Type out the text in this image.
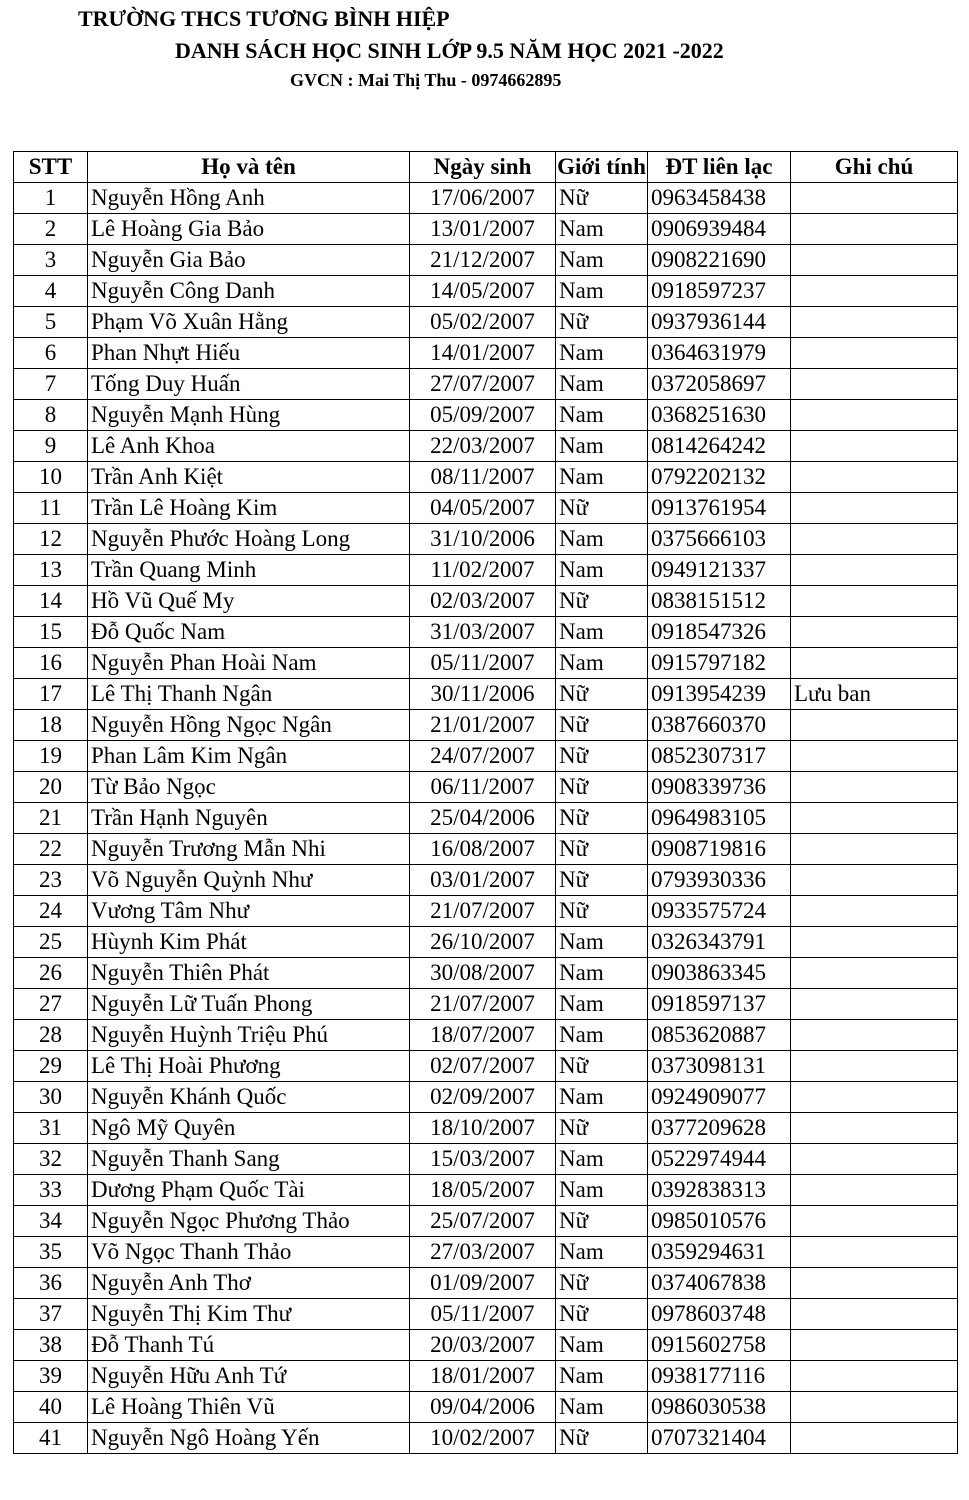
TRƯỜNG THCS TƯƠNG BÌNH HIỆP
DANH SÁCH HỌC SINH LỚP 9.5 NĂM HỌC 2021 -2022
GVCN : Mai Thị Thu - 0974662895
STT	Họ và tên	Ngày sinh	Giới tính	ĐT liên lạc	Ghi chú
1	Nguyễn Hồng Anh	17/06/2007	Nữ	0963458438	
2	Lê Hoàng Gia Bảo	13/01/2007	Nam	0906939484	
3	Nguyễn Gia Bảo	21/12/2007	Nam	0908221690	
4	Nguyễn Công Danh	14/05/2007	Nam	0918597237	
5	Phạm Võ Xuân Hằng	05/02/2007	Nữ	0937936144	
6	Phan Nhựt Hiếu	14/01/2007	Nam	0364631979	
7	Tống Duy Huấn	27/07/2007	Nam	0372058697	
8	Nguyễn Mạnh Hùng	05/09/2007	Nam	0368251630	
9	Lê Anh Khoa	22/03/2007	Nam	0814264242	
10	Trần Anh Kiệt	08/11/2007	Nam	0792202132	
11	Trần Lê Hoàng Kim	04/05/2007	Nữ	0913761954	
12	Nguyễn Phước Hoàng Long	31/10/2006	Nam	0375666103	
13	Trần Quang Minh	11/02/2007	Nam	0949121337	
14	Hồ Vũ Quế My	02/03/2007	Nữ	0838151512	
15	Đỗ Quốc Nam	31/03/2007	Nam	0918547326	
16	Nguyễn Phan Hoài Nam	05/11/2007	Nam	0915797182	
17	Lê Thị Thanh Ngân	30/11/2006	Nữ	0913954239	Lưu ban
18	Nguyễn Hồng Ngọc Ngân	21/01/2007	Nữ	0387660370	
19	Phan Lâm Kim Ngân	24/07/2007	Nữ	0852307317	
20	Từ Bảo Ngọc	06/11/2007	Nữ	0908339736	
21	Trần Hạnh Nguyên	25/04/2006	Nữ	0964983105	
22	Nguyễn Trương Mẫn Nhi	16/08/2007	Nữ	0908719816	
23	Võ Nguyễn Quỳnh Như	03/01/2007	Nữ	0793930336	
24	Vương Tâm Như	21/07/2007	Nữ	0933575724	
25	Hùynh Kim Phát	26/10/2007	Nam	0326343791	
26	Nguyễn Thiên Phát	30/08/2007	Nam	0903863345	
27	Nguyễn Lữ Tuấn Phong	21/07/2007	Nam	0918597137	
28	Nguyễn Huỳnh Triệu Phú	18/07/2007	Nam	0853620887	
29	Lê Thị Hoài Phương	02/07/2007	Nữ	0373098131	
30	Nguyễn Khánh Quốc	02/09/2007	Nam	0924909077	
31	Ngô Mỹ Quyên	18/10/2007	Nữ	0377209628	
32	Nguyễn Thanh Sang	15/03/2007	Nam	0522974944	
33	Dương Phạm Quốc Tài	18/05/2007	Nam	0392838313	
34	Nguyễn Ngọc Phương Thảo	25/07/2007	Nữ	0985010576	
35	Võ Ngọc Thanh Thảo	27/03/2007	Nam	0359294631	
36	Nguyễn Anh Thơ	01/09/2007	Nữ	0374067838	
37	Nguyễn Thị Kim Thư	05/11/2007	Nữ	0978603748	
38	Đỗ Thanh Tú	20/03/2007	Nam	0915602758	
39	Nguyễn Hữu Anh Tứ	18/01/2007	Nam	0938177116	
40	Lê Hoàng Thiên Vũ	09/04/2006	Nam	0986030538	
41	Nguyễn Ngô Hoàng Yến	10/02/2007	Nữ	0707321404	
